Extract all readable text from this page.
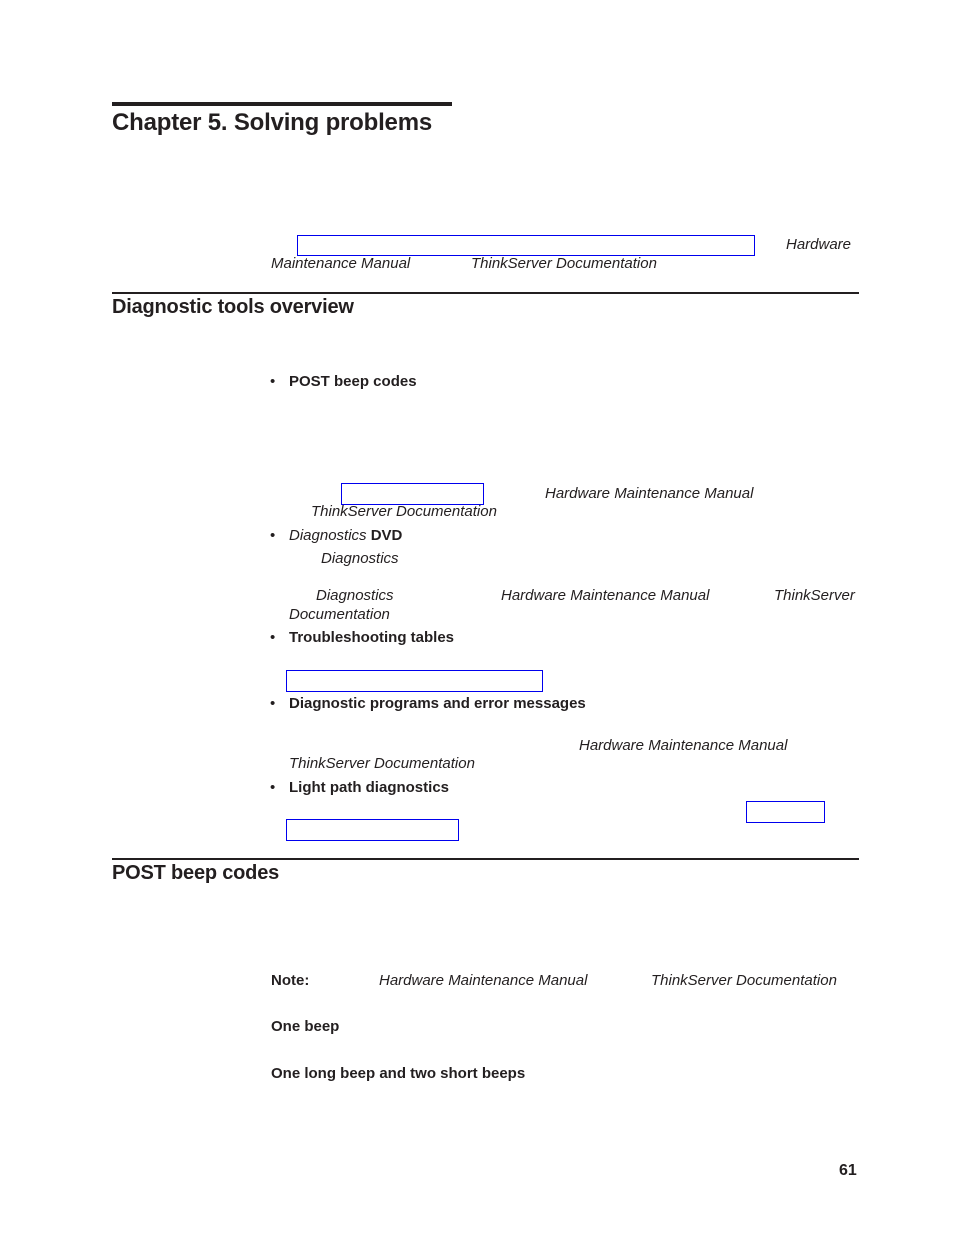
Chapter 5. Solving problems
Hardware
Maintenance Manual	ThinkServer Documentation
Diagnostic tools overview
• POST beep codes
Hardware Maintenance Manual
ThinkServer Documentation
• Diagnostics DVD
Diagnostics
Diagnostics	Hardware Maintenance Manual	ThinkServer
Documentation
• Troubleshooting tables
• Diagnostic programs and error messages
Hardware Maintenance Manual
ThinkServer Documentation
• Light path diagnostics
POST beep codes
Note:	Hardware Maintenance Manual	ThinkServer Documentation
One beep
One long beep and two short beeps
61
